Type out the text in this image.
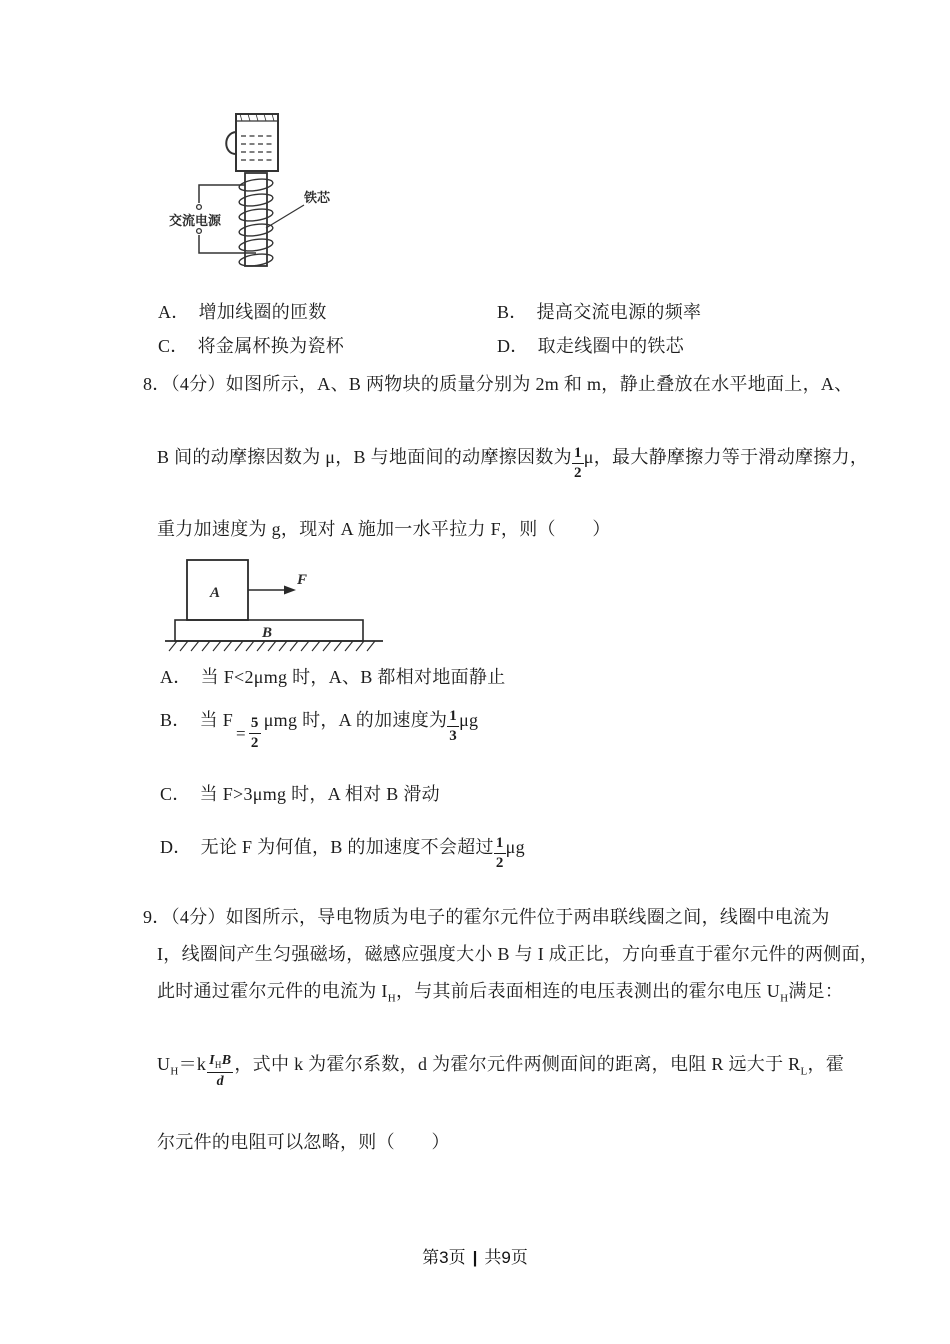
交流电源
铁芯
A． 增加线圈的匝数	B． 提高交流电源的频率
C． 将金属杯换为瓷杯	D． 取走线圈中的铁芯
8．（4分）如图所示，A、B 两物块的质量分别为 2m 和 m，静止叠放在水平地面上，A、
B 间的动摩擦因数为 μ，B 与地面间的动摩擦因数为 $\frac{1}{2}$ μ，最大静摩擦力等于滑动摩擦力，
重力加速度为 g，现对 A 施加一水平拉力 F，则（　　）
A
F
B
A． 当 F<2μmg 时，A、B 都相对地面静止
B． 当 F
= $\frac{5}{2}$ μmg 时，A 的加速度为 $\frac{1}{3}$ μg
C． 当 F>3μmg 时，A 相对 B 滑动
D． 无论 F 为何值，B 的加速度不会超过 $\frac{1}{2}$ μg
9．（4分）如图所示，导电物质为电子的霍尔元件位于两串联线圈之间，线圈中电流为
I，线圈间产生匀强磁场，磁感应强度大小 B 与 I 成正比，方向垂直于霍尔元件的两侧面，
此时通过霍尔元件的电流为 $I_H$，与其前后表面相连的电压表测出的霍尔电压 $U_H$满足：
$U_H=k$ $I_HB$
d
，式中 k 为霍尔系数，d 为霍尔元件两侧面间的距离，电阻 R 远大于 $R_L$，霍
尔元件的电阻可以忽略，则（　　）
第3页 | 共9页
